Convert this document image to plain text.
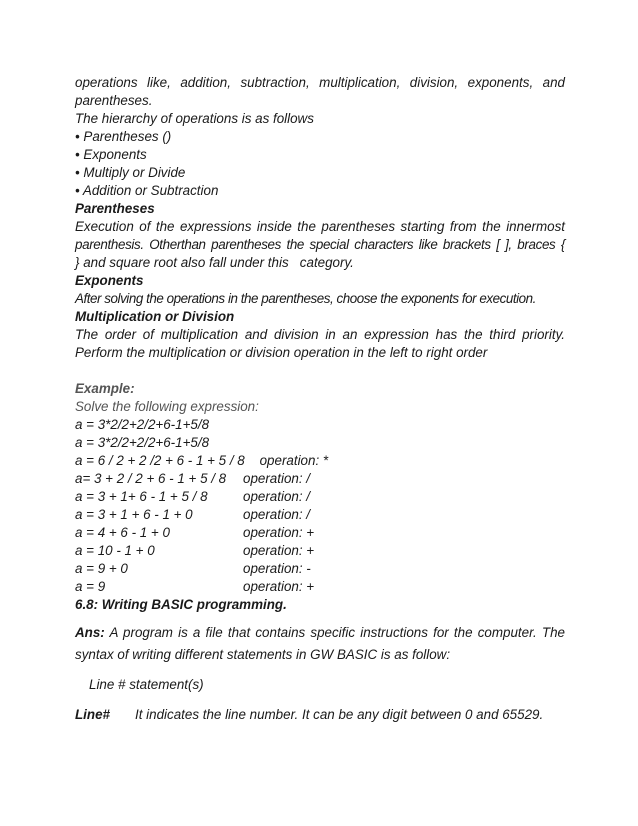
operations like, addition, subtraction, multiplication, division, exponents, and
parentheses.
The hierarchy of operations is as follows
• Parentheses ()
• Exponents
• Multiply or Divide
• Addition or Subtraction
Parentheses
Execution of the expressions inside the parentheses starting from the innermost
parenthesis. Otherthan parentheses the special characters like brackets [ ], braces {
} and square root also fall under this   category.
Exponents
After solving the operations in the parentheses, choose the exponents for execution.
Multiplication or Division
The order of multiplication and division in an expression has the third priority.
Perform the multiplication or division operation in the left to right order
Example:
Solve the following expression:
a = 3*2/2+2/2+6-1+5/8
a = 3*2/2+2/2+6-1+5/8
a = 6 / 2 + 2 /2 + 6 - 1 + 5 / 8    operation: *
a= 3 + 2 / 2 + 6 - 1 + 5 / 8	operation: /
a = 3 + 1+ 6 - 1 + 5 / 8	operation: /
a = 3 + 1 + 6 - 1 + 0	operation: /
a = 4 + 6 - 1 + 0	operation: +
a = 10 - 1 + 0	operation: +
a = 9 + 0	operation: -
a = 9	operation: +
6.8: Writing BASIC programming.
Ans: A program is a file that contains specific instructions for the computer. The
syntax of writing different statements in GW BASIC is as follow:
Line # statement(s)
Line#	It indicates the line number. It can be any digit between 0 and 65529.
